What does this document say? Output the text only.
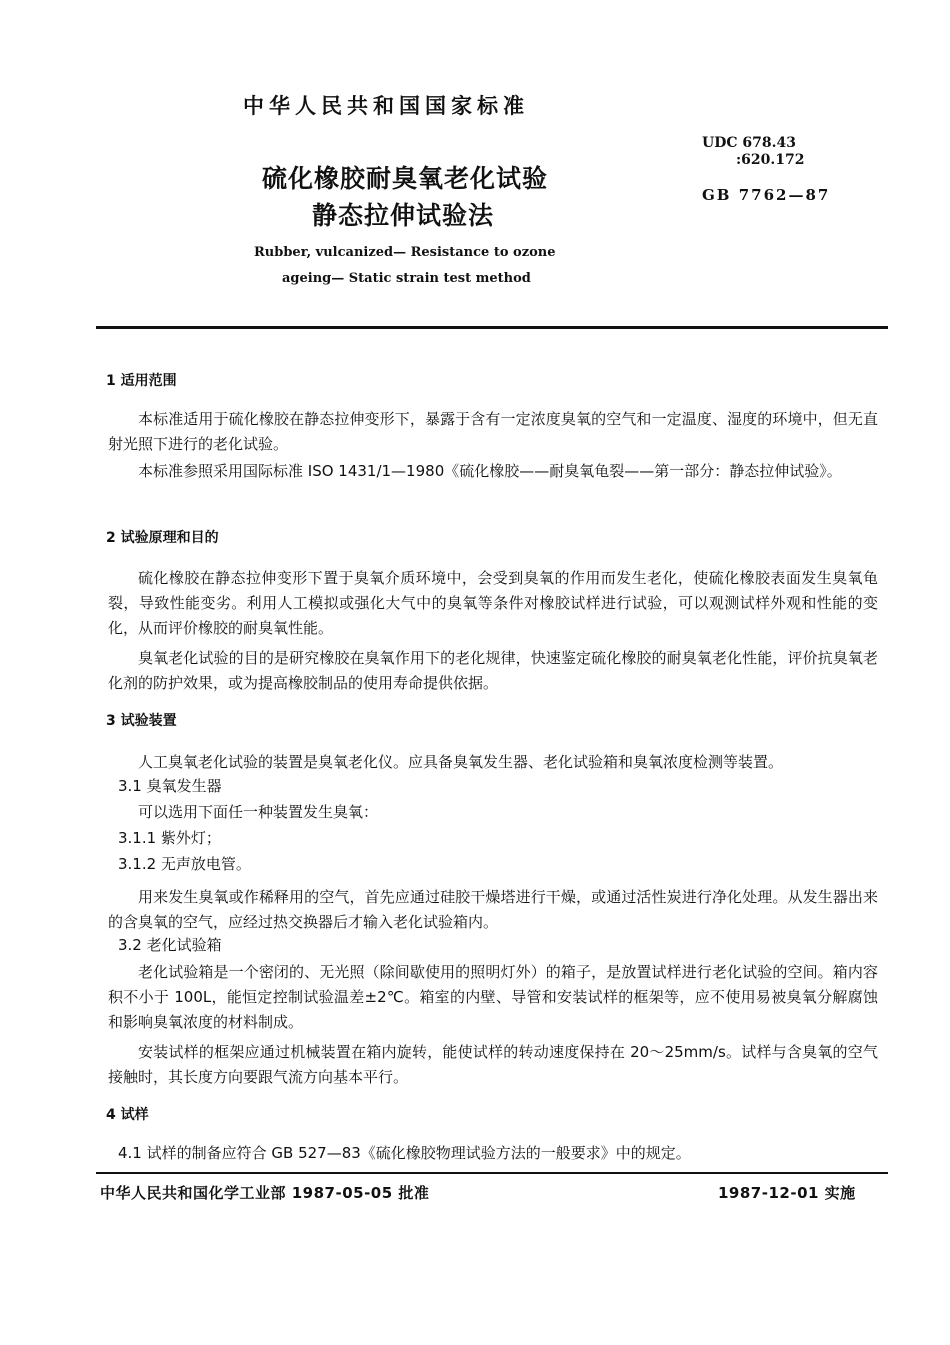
中华人民共和国国家标准
UDC 678.43
:620.172
GB 7762—87
硫化橡胶耐臭氧老化试验
静态拉伸试验法
Rubber, vulcanized— Resistance to ozone
ageing— Static strain test method
1 适用范围
本标准适用于硫化橡胶在静态拉伸变形下，暴露于含有一定浓度臭氧的空气和一定温度、湿度的环境中，但无直射光照下进行的老化试验。
本标准参照采用国际标准 ISO 1431/1—1980《硫化橡胶——耐臭氧龟裂——第一部分：静态拉伸试验》。
2 试验原理和目的
硫化橡胶在静态拉伸变形下置于臭氧介质环境中，会受到臭氧的作用而发生老化，使硫化橡胶表面发生臭氧龟裂，导致性能变劣。利用人工模拟或强化大气中的臭氧等条件对橡胶试样进行试验，可以观测试样外观和性能的变化，从而评价橡胶的耐臭氧性能。
臭氧老化试验的目的是研究橡胶在臭氧作用下的老化规律，快速鉴定硫化橡胶的耐臭氧老化性能，评价抗臭氧老化剂的防护效果，或为提高橡胶制品的使用寿命提供依据。
3 试验装置
人工臭氧老化试验的装置是臭氧老化仪。应具备臭氧发生器、老化试验箱和臭氧浓度检测等装置。
3.1 臭氧发生器
可以选用下面任一种装置发生臭氧：
3.1.1 紫外灯；
3.1.2 无声放电管。
用来发生臭氧或作稀释用的空气，首先应通过硅胶干燥塔进行干燥，或通过活性炭进行净化处理。从发生器出来的含臭氧的空气，应经过热交换器后才输入老化试验箱内。
3.2 老化试验箱
老化试验箱是一个密闭的、无光照（除间歇使用的照明灯外）的箱子，是放置试样进行老化试验的空间。箱内容积不小于 100L，能恒定控制试验温差±2℃。箱室的内壁、导管和安装试样的框架等，应不使用易被臭氧分解腐蚀和影响臭氧浓度的材料制成。
安装试样的框架应通过机械装置在箱内旋转，能使试样的转动速度保持在 20～25mm/s。试样与含臭氧的空气接触时，其长度方向要跟气流方向基本平行。
4 试样
4.1 试样的制备应符合 GB 527—83《硫化橡胶物理试验方法的一般要求》中的规定。
中华人民共和国化学工业部 1987-05-05 批准	1987-12-01 实施
